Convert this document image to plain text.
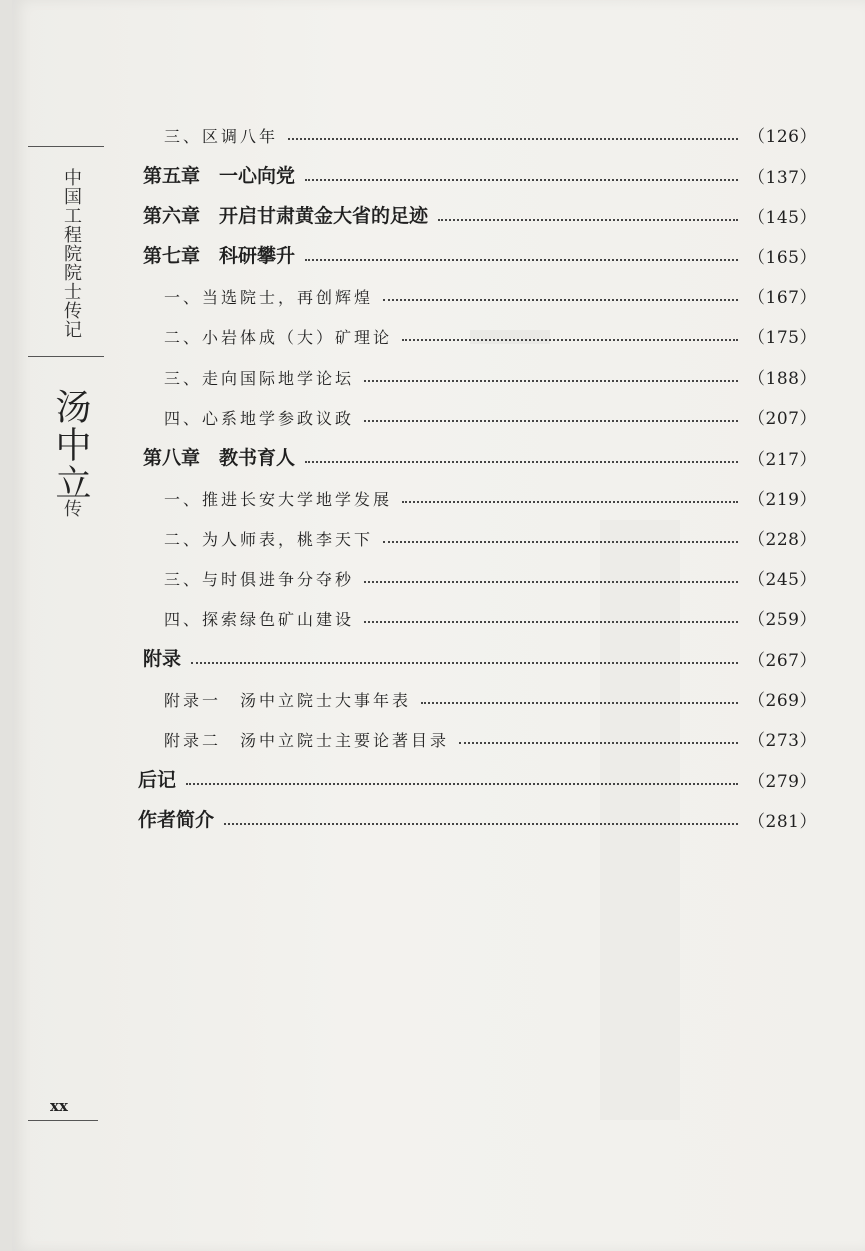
中国工程院院士传记
汤中立
传
xx
三、区调八年	（126）
第五章　一心向党	（137）
第六章　开启甘肃黄金大省的足迹	（145）
第七章　科研攀升	（165）
一、当选院士，再创辉煌	（167）
二、小岩体成（大）矿理论	（175）
三、走向国际地学论坛	（188）
四、心系地学参政议政	（207）
第八章　教书育人	（217）
一、推进长安大学地学发展	（219）
二、为人师表，桃李天下	（228）
三、与时俱进争分夺秒	（245）
四、探索绿色矿山建设	（259）
附录	（267）
附录一　汤中立院士大事年表	（269）
附录二　汤中立院士主要论著目录	（273）
后记	（279）
作者简介	（281）
